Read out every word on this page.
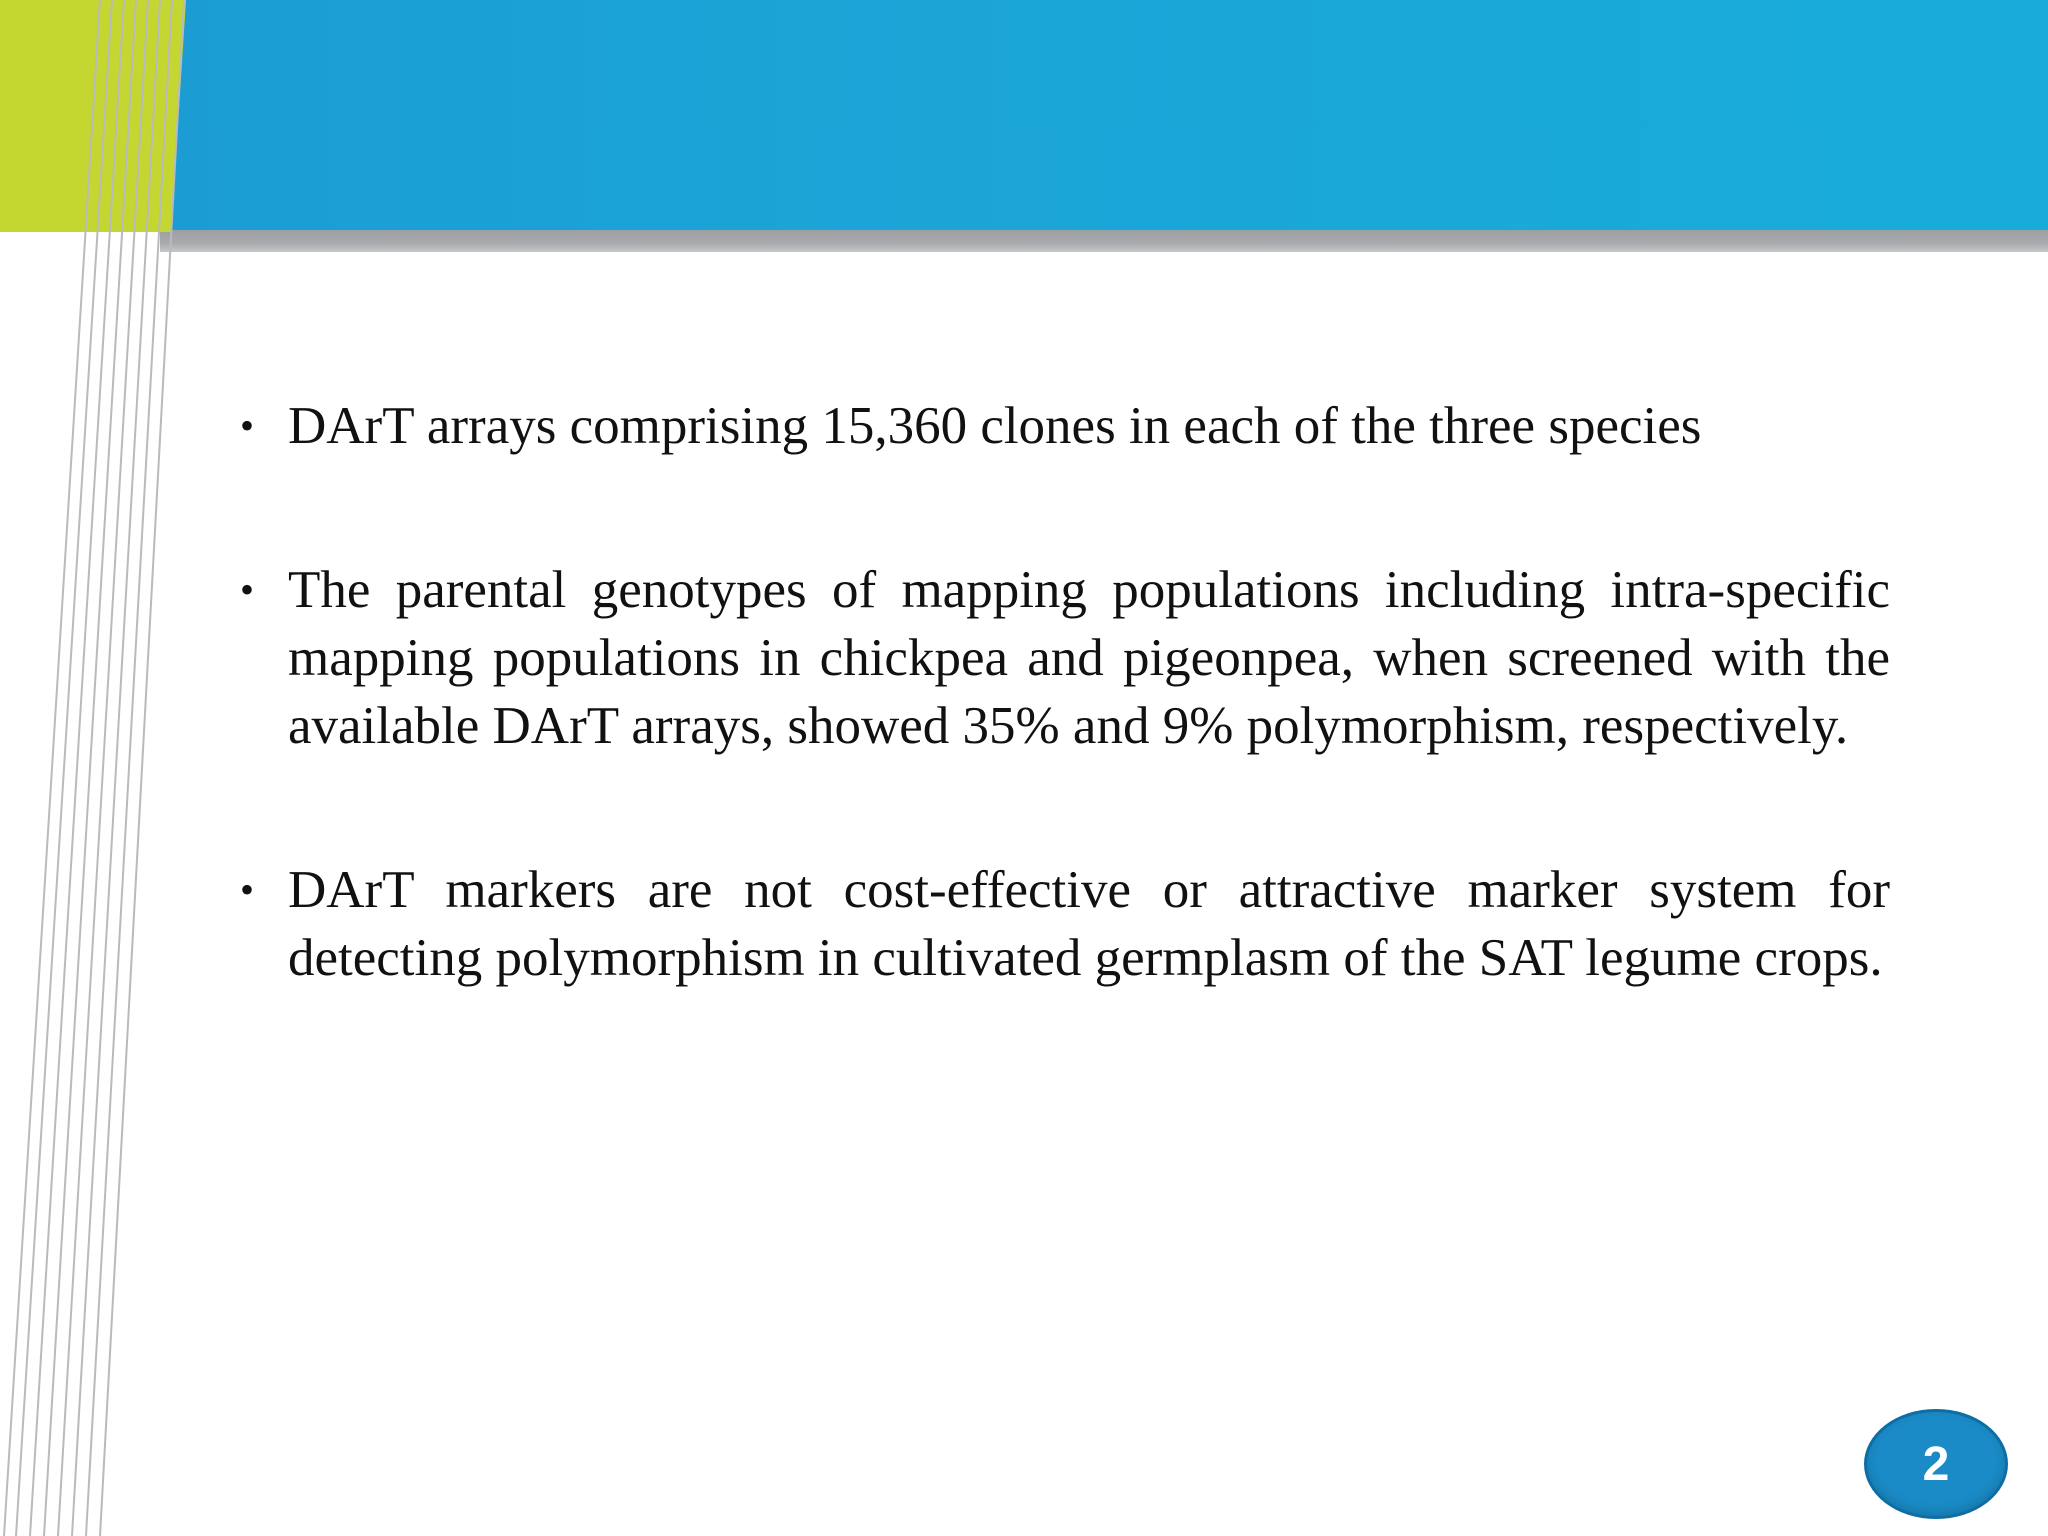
• DArT arrays comprising 15,360 clones in each of the three species
• The parental genotypes of mapping populations including intra-specific mapping populations in chickpea and pigeonpea, when screened with the available DArT arrays, showed 35% and 9% polymorphism, respectively.
• DArT markers are not cost-effective or attractive marker system for detecting polymorphism in cultivated germplasm of the SAT legume crops.
2
